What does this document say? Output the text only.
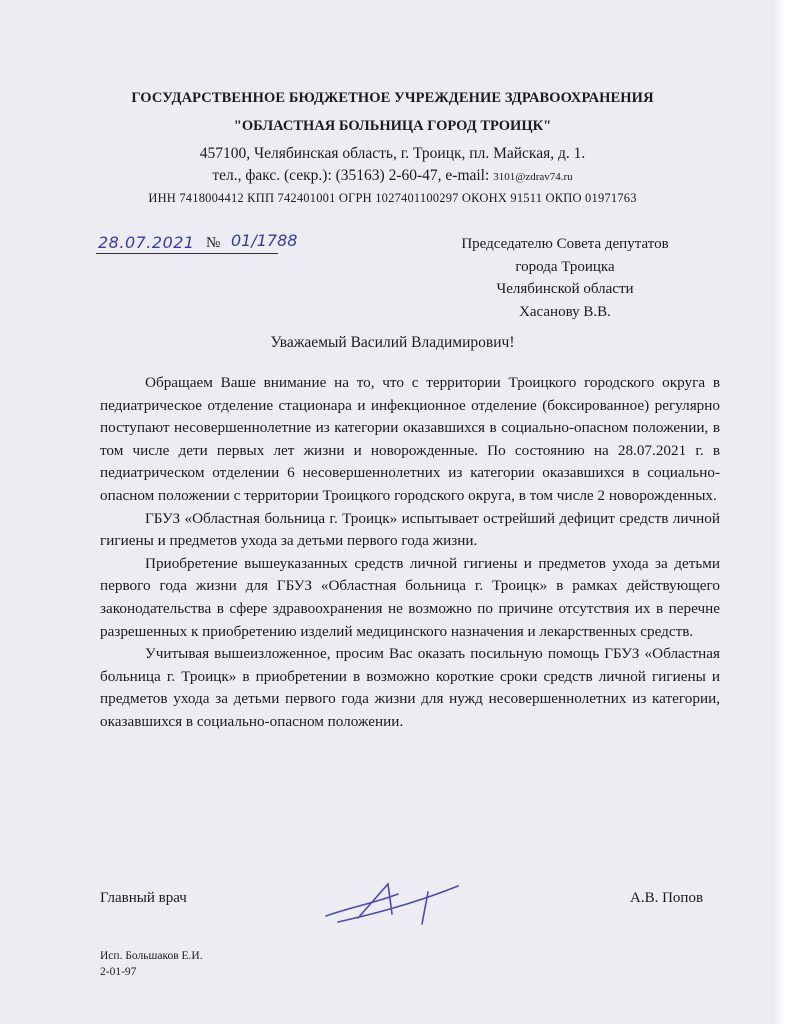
ГОСУДАРСТВЕННОЕ БЮДЖЕТНОЕ УЧРЕЖДЕНИЕ ЗДРАВООХРАНЕНИЯ
"ОБЛАСТНАЯ БОЛЬНИЦА ГОРОД ТРОИЦК"
457100, Челябинская область, г. Троицк, пл. Майская, д. 1.
тел., факс. (секр.): (35163) 2-60-47, e-mail: 3101@zdrav74.ru
ИНН 7418004412 КПП 742401001 ОГРН 1027401100297 ОКОНХ 91511 ОКПО 01971763
28.07.2021 № 01/1788	Председателю Совета депутатов
города Троицка
Челябинской области
Хасанову В.В.
Уважаемый Василий Владимирович!

Обращаем Ваше внимание на то, что с территории Троицкого городского округа в педиатрическое отделение стационара и инфекционное отделение (боксированное) регулярно поступают несовершеннолетние из категории оказавшихся в социально-опасном положении, в том числе дети первых лет жизни и новорожденные. По состоянию на 28.07.2021 г. в педиатрическом отделении 6 несовершеннолетних из категории оказавшихся в социально-опасном положении с территории Троицкого городского округа, в том числе 2 новорожденных.

ГБУЗ «Областная больница г. Троицк» испытывает острейший дефицит средств личной гигиены и предметов ухода за детьми первого года жизни.

Приобретение вышеуказанных средств личной гигиены и предметов ухода за детьми первого года жизни для ГБУЗ «Областная больница г. Троицк» в рамках действующего законодательства в сфере здравоохранения не возможно по причине отсутствия их в перечне разрешенных к приобретению изделий медицинского назначения и лекарственных средств.

Учитывая вышеизложенное, просим Вас оказать посильную помощь ГБУЗ «Областная больница г. Троицк» в приобретении в возможно короткие сроки средств личной гигиены и предметов ухода за детьми первого года жизни для нужд несовершеннолетних из категории, оказавшихся в социально-опасном положении.

Главный врач	А.В. Попов
Исп. Большаков Е.И.
2-01-97
